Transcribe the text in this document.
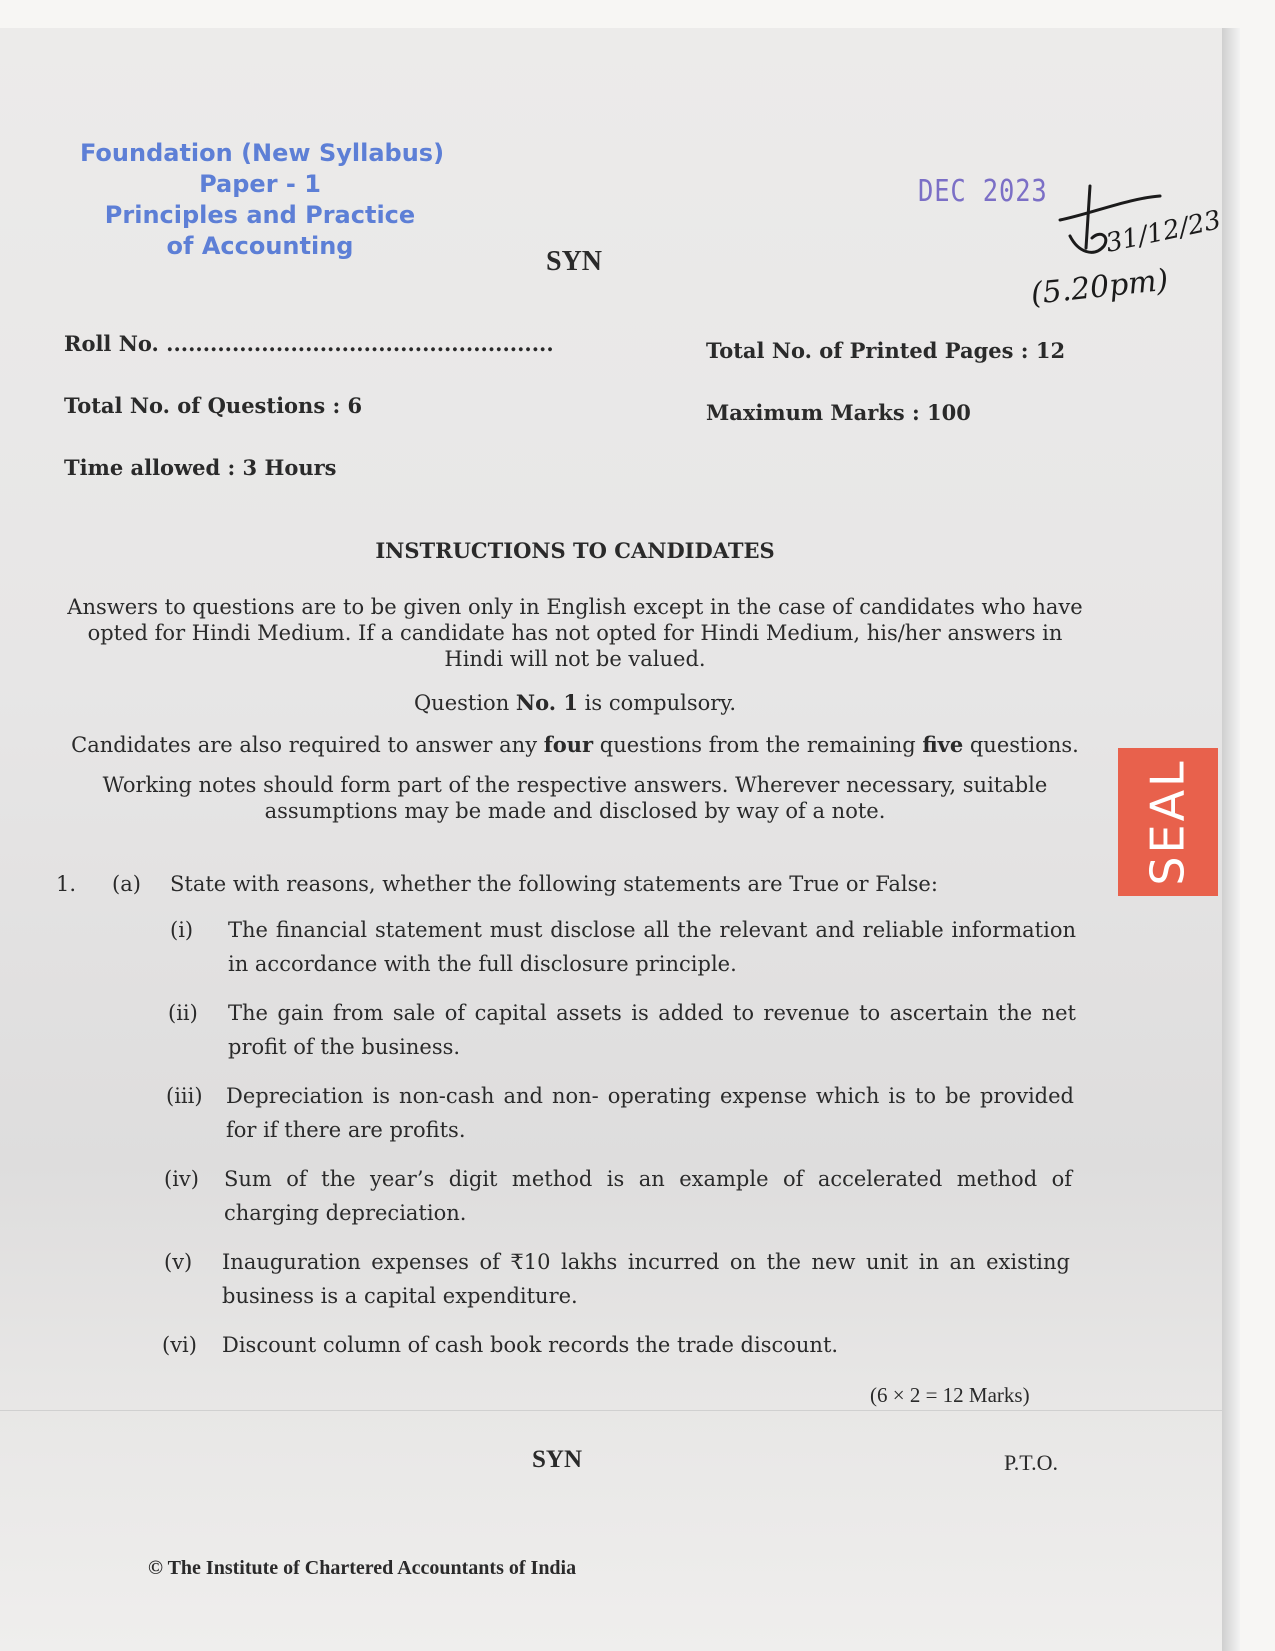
Foundation (New Syllabus)
Paper - 1
Principles and Practice
of Accounting
DEC 2023
31/12/23
(5.20pm)
SYN
Roll No. .....................................................	Total No. of Printed Pages : 12
Total No. of Questions : 6	Maximum Marks : 100
Time allowed : 3 Hours
INSTRUCTIONS TO CANDIDATES
Answers to questions are to be given only in English except in the case of candidates who have
opted for Hindi Medium. If a candidate has not opted for Hindi Medium, his/her answers in
Hindi will not be valued.
Question No. 1 is compulsory.
Candidates are also required to answer any four questions from the remaining five questions.
Working notes should form part of the respective answers. Wherever necessary, suitable
assumptions may be made and disclosed by way of a note.	SEAL
1. (a) State with reasons, whether the following statements are True or False:
(i) The financial statement must disclose all the relevant and reliable information in accordance with the full disclosure principle.
(ii) The gain from sale of capital assets is added to revenue to ascertain the net profit of the business.
(iii) Depreciation is non-cash and non- operating expense which is to be provided for if there are profits.
(iv) Sum of the year’s digit method is an example of accelerated method of charging depreciation.
(v) Inauguration expenses of ₹10 lakhs incurred on the new unit in an existing business is a capital expenditure.
(vi) Discount column of cash book records the trade discount.
(6 × 2 = 12 Marks)
SYN	P.T.O.
© The Institute of Chartered Accountants of India
